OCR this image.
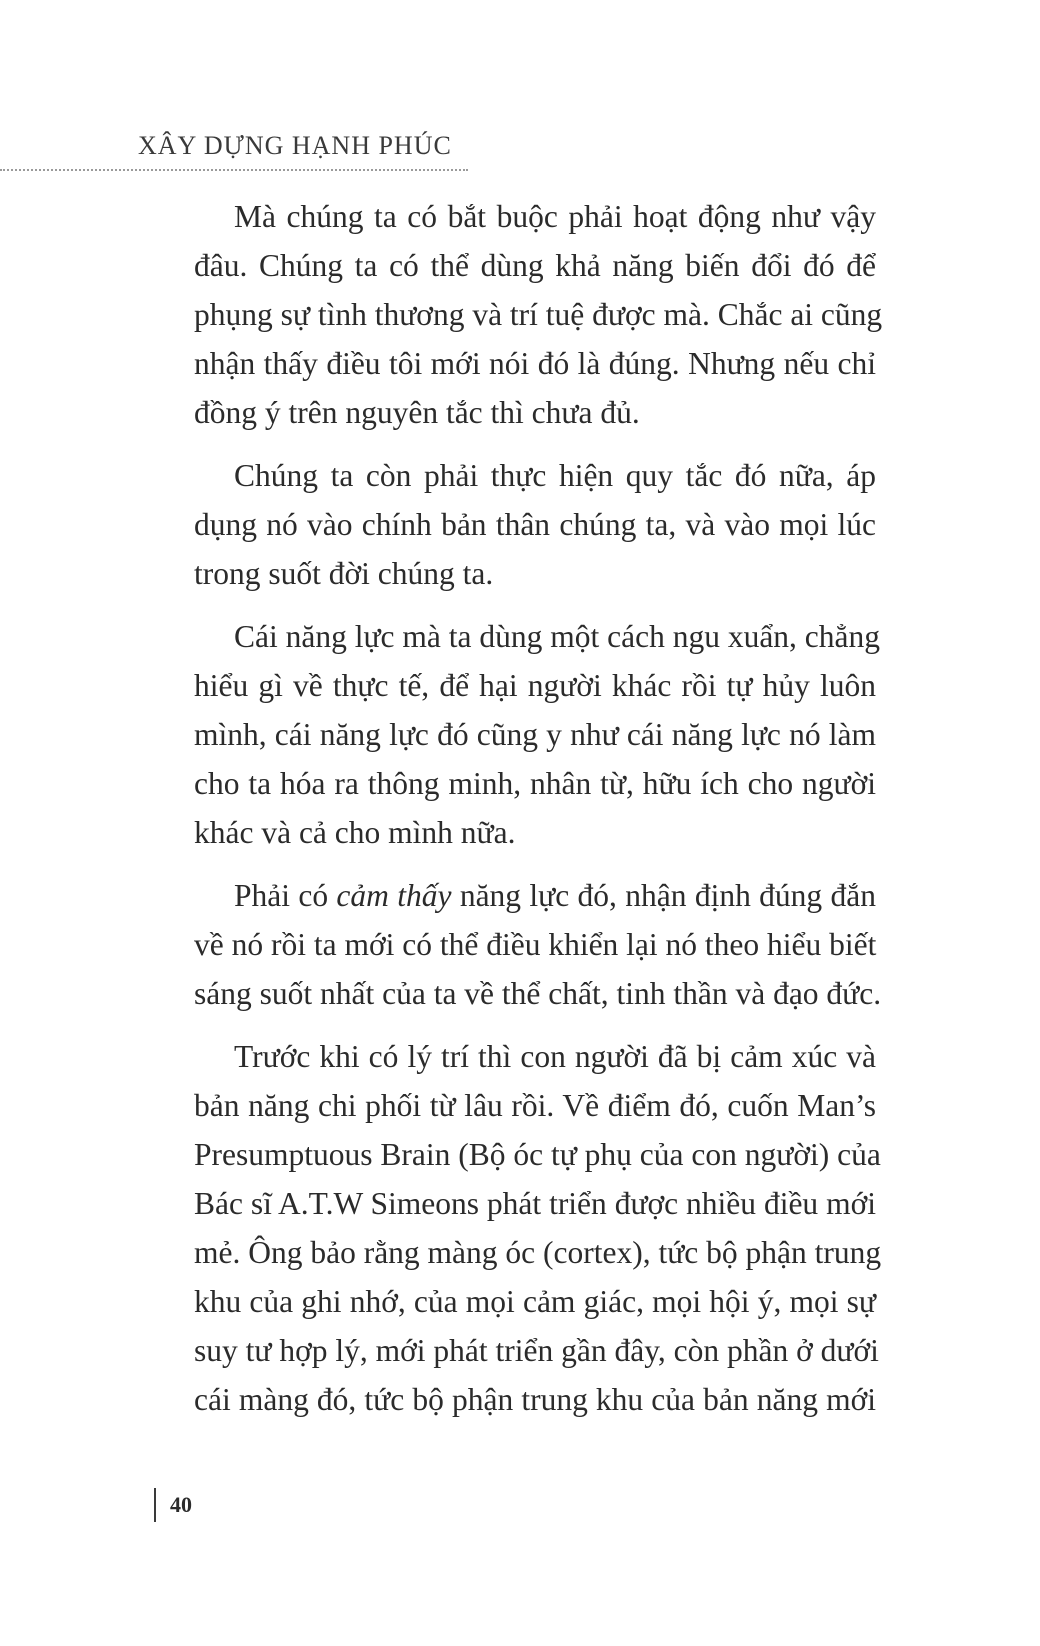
XÂY DỰNG HẠNH PHÚC
Mà chúng ta có bắt buộc phải hoạt động như vậy
đâu. Chúng ta có thể dùng khả năng biến đổi đó để
phụng sự tình thương và trí tuệ được mà. Chắc ai cũng
nhận thấy điều tôi mới nói đó là đúng. Nhưng nếu chỉ
đồng ý trên nguyên tắc thì chưa đủ.
Chúng ta còn phải thực hiện quy tắc đó nữa, áp
dụng nó vào chính bản thân chúng ta, và vào mọi lúc
trong suốt đời chúng ta.
Cái năng lực mà ta dùng một cách ngu xuẩn, chẳng
hiểu gì về thực tế, để hại người khác rồi tự hủy luôn
mình, cái năng lực đó cũng y như cái năng lực nó làm
cho ta hóa ra thông minh, nhân từ, hữu ích cho người
khác và cả cho mình nữa.
Phải có cảm thấy năng lực đó, nhận định đúng đắn
về nó rồi ta mới có thể điều khiển lại nó theo hiểu biết
sáng suốt nhất của ta về thể chất, tinh thần và đạo đức.
Trước khi có lý trí thì con người đã bị cảm xúc và
bản năng chi phối từ lâu rồi. Về điểm đó, cuốn Man’s
Presumptuous Brain (Bộ óc tự phụ của con người) của
Bác sĩ A.T.W Simeons phát triển được nhiều điều mới
mẻ. Ông bảo rằng màng óc (cortex), tức bộ phận trung
khu của ghi nhớ, của mọi cảm giác, mọi hội ý, mọi sự
suy tư hợp lý, mới phát triển gần đây, còn phần ở dưới
cái màng đó, tức bộ phận trung khu của bản năng mới
40
